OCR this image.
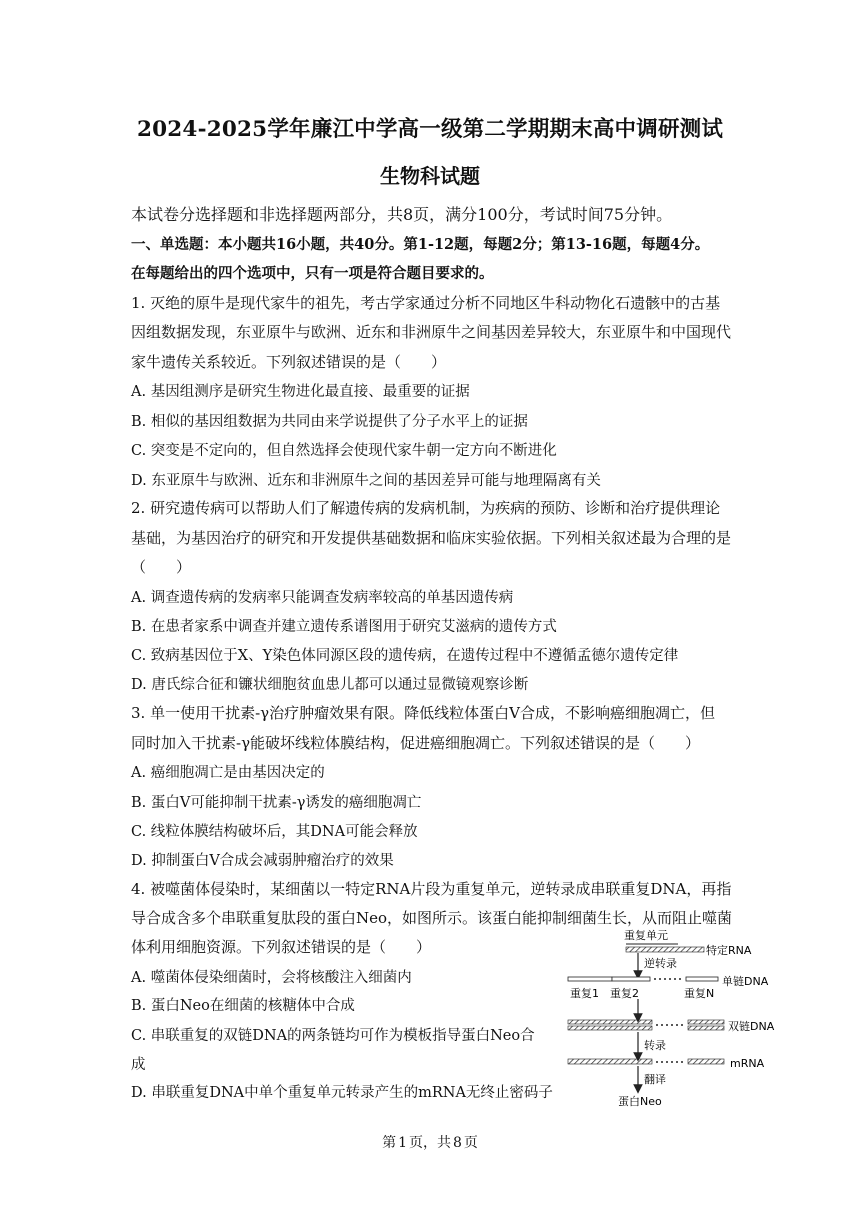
2024-2025学年廉江中学高一级第二学期期末高中调研测试
生物科试题
本试卷分选择题和非选择题两部分，共8页，满分100分，考试时间75分钟。
一、单选题：本小题共16小题，共40分。第1-12题，每题2分；第13-16题，每题4分。
在每题给出的四个选项中，只有一项是符合题目要求的。
1. 灭绝的原牛是现代家牛的祖先，考古学家通过分析不同地区牛科动物化石遗骸中的古基
因组数据发现，东亚原牛与欧洲、近东和非洲原牛之间基因差异较大，东亚原牛和中国现代
家牛遗传关系较近。下列叙述错误的是（　　）
A. 基因组测序是研究生物进化最直接、最重要的证据
B. 相似的基因组数据为共同由来学说提供了分子水平上的证据
C. 突变是不定向的，但自然选择会使现代家牛朝一定方向不断进化
D. 东亚原牛与欧洲、近东和非洲原牛之间的基因差异可能与地理隔离有关
2. 研究遗传病可以帮助人们了解遗传病的发病机制，为疾病的预防、诊断和治疗提供理论
基础，为基因治疗的研究和开发提供基础数据和临床实验依据。下列相关叙述最为合理的是
（　　）
A. 调查遗传病的发病率只能调查发病率较高的单基因遗传病
B. 在患者家系中调查并建立遗传系谱图用于研究艾滋病的遗传方式
C. 致病基因位于X、Y染色体同源区段的遗传病，在遗传过程中不遵循孟德尔遗传定律
D. 唐氏综合征和镰状细胞贫血患儿都可以通过显微镜观察诊断
3. 单一使用干扰素-γ治疗肿瘤效果有限。降低线粒体蛋白V合成，不影响癌细胞凋亡，但
同时加入干扰素-γ能破坏线粒体膜结构，促进癌细胞凋亡。下列叙述错误的是（　　）
A. 癌细胞凋亡是由基因决定的
B. 蛋白V可能抑制干扰素-γ诱发的癌细胞凋亡
C. 线粒体膜结构破坏后，其DNA可能会释放
D. 抑制蛋白V合成会减弱肿瘤治疗的效果
4. 被噬菌体侵染时，某细菌以一特定RNA片段为重复单元，逆转录成串联重复DNA，再指
导合成含多个串联重复肽段的蛋白Neo，如图所示。该蛋白能抑制细菌生长，从而阻止噬菌
体利用细胞资源。下列叙述错误的是（　　）
A. 噬菌体侵染细菌时，会将核酸注入细菌内
B. 蛋白Neo在细菌的核糖体中合成
C. 串联重复的双链DNA的两条链均可作为模板指导蛋白Neo合
成
D. 串联重复DNA中单个重复单元转录产生的mRNA无终止密码子
重复单元
特定RNA
逆转录
单链DNA
重复1 重复2	重复N
双链DNA
转录
mRNA
翻译
蛋白Neo
第 1 页，共 8 页
